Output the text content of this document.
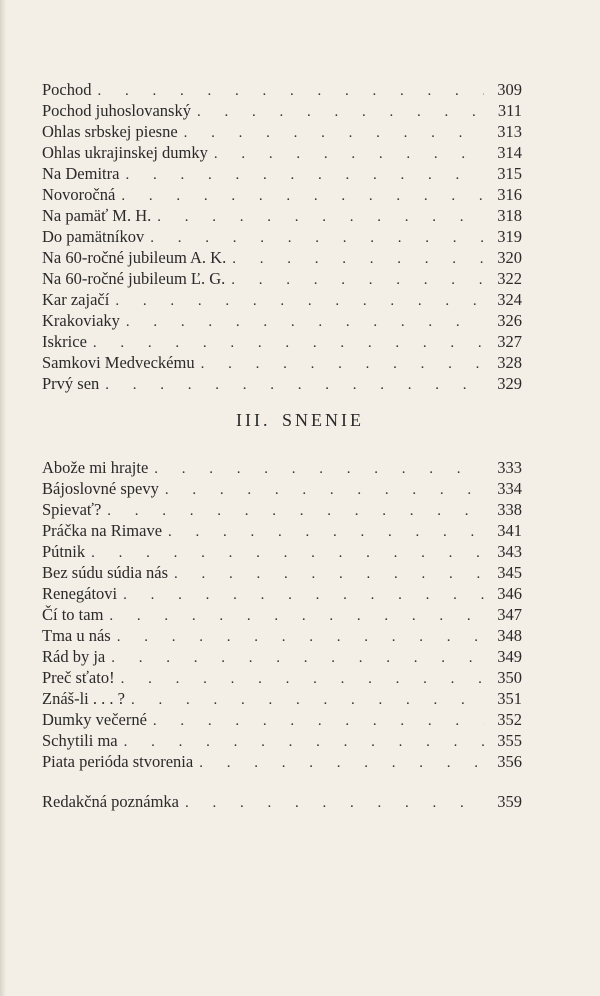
Pochod . . .	309
Pochod juhoslovanský . . .	311
Ohlas srbskej piesne . . .	313
Ohlas ukrajinskej dumky . . .	314
Na Demitra . . .	315
Novoročná . . .	316
Na pamäť M. H. . . .	318
Do pamätníkov . . .	319
Na 60-ročné jubileum A. K. . . .	320
Na 60-ročné jubileum Ľ. G. . . .	322
Kar zajačí . . .	324
Krakoviaky . . .	326
Iskrice . . .	327
Samkovi Medveckému . . .	328
Prvý sen . . .	329
III. SNENIE
Abože mi hrajte . . .	333
Bájoslovné spevy . . .	334
Spievať? . . .	338
Práčka na Rimave . . .	341
Pútnik . . .	343
Bez súdu súdia nás . . .	345
Renegátovi . . .	346
Čí to tam . . .	347
Tma u nás . . .	348
Rád by ja . . .	349
Preč sťato! . . .	350
Znáš-li . . . ? . . .	351
Dumky večerné . . .	352
Schytili ma . . .	355
Piata perióda stvorenia . . .	356
Redakčná poznámka . . .	359
